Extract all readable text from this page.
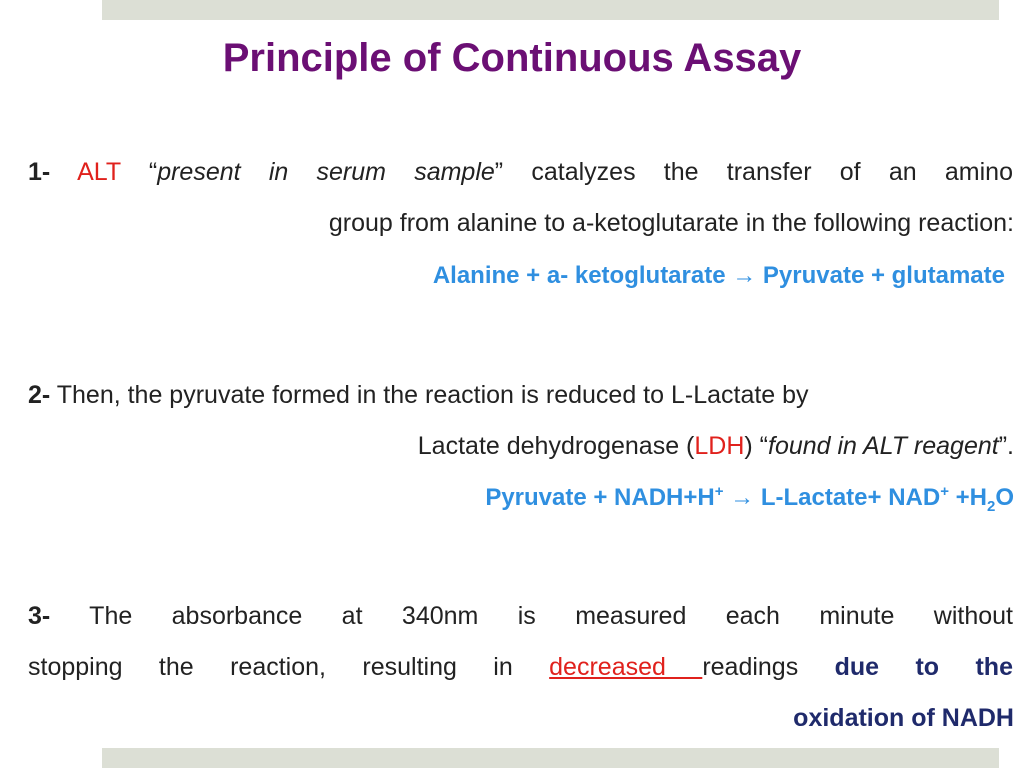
Principle of Continuous Assay
1- ALT “present in serum sample” catalyzes the transfer of an amino
group from alanine to a-ketoglutarate in the following reaction:
Alanine + a- ketoglutarate → Pyruvate + glutamate
2- Then, the pyruvate formed in the reaction is reduced to L-Lactate by
Lactate dehydrogenase (LDH) “found in ALT reagent”.
Pyruvate + NADH+H+ → L-Lactate+ $NAD^+ +H_2O$
3- The absorbance at 340nm is measured each minute without
stopping the reaction, resulting in decreased readings due to the
oxidation of NADH
